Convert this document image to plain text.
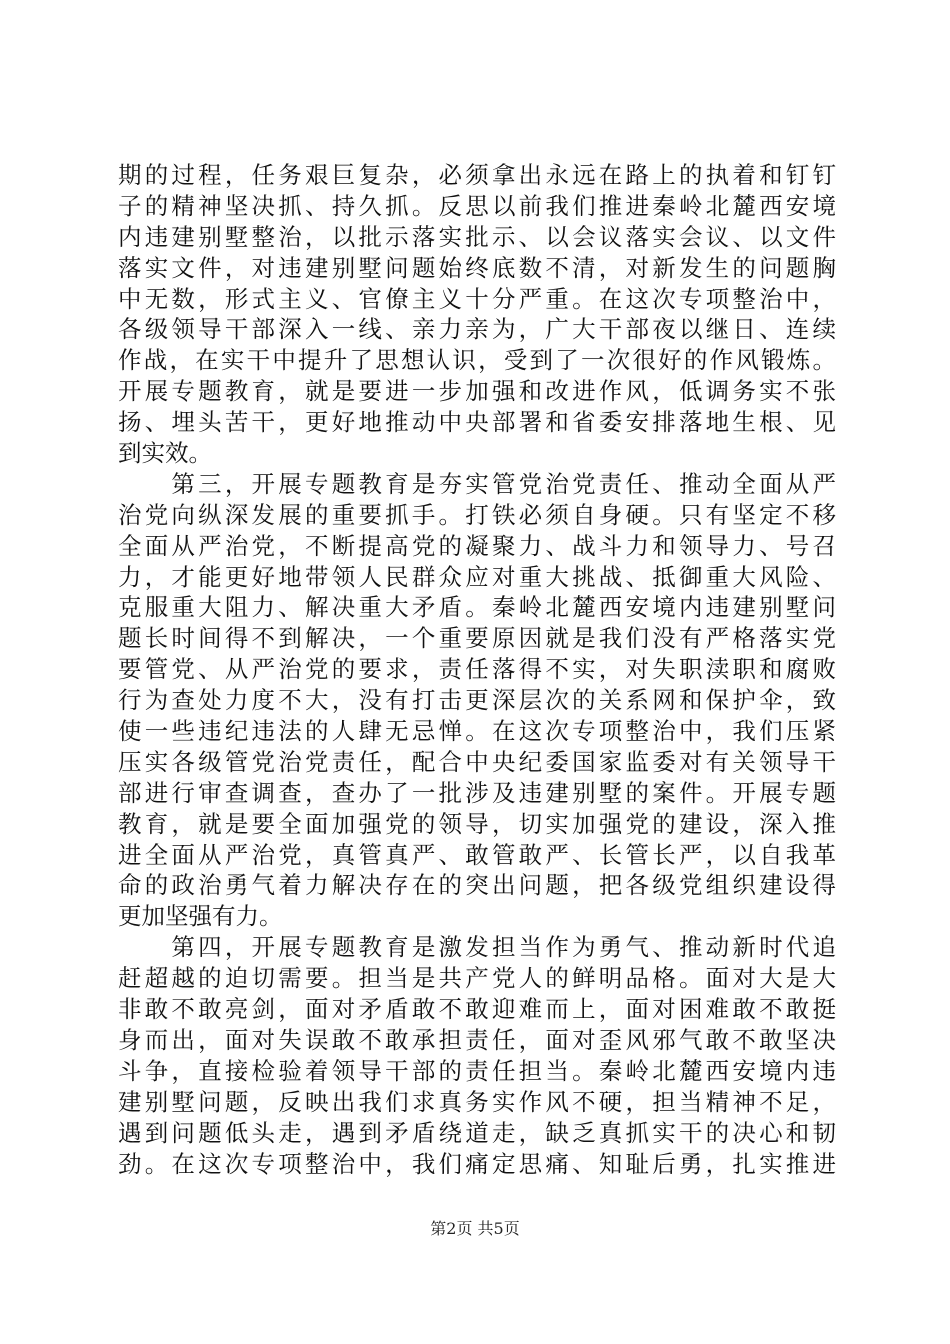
期的过程，任务艰巨复杂，必须拿出永远在路上的执着和钉钉
子的精神坚决抓、持久抓。反思以前我们推进秦岭北麓西安境
内违建别墅整治，以批示落实批示、以会议落实会议、以文件
落实文件，对违建别墅问题始终底数不清，对新发生的问题胸
中无数，形式主义、官僚主义十分严重。在这次专项整治中，
各级领导干部深入一线、亲力亲为，广大干部夜以继日、连续
作战，在实干中提升了思想认识，受到了一次很好的作风锻炼。
开展专题教育，就是要进一步加强和改进作风，低调务实不张
扬、埋头苦干，更好地推动中央部署和省委安排落地生根、见
到实效。
　　第三，开展专题教育是夯实管党治党责任、推动全面从严
治党向纵深发展的重要抓手。打铁必须自身硬。只有坚定不移
全面从严治党，不断提高党的凝聚力、战斗力和领导力、号召
力，才能更好地带领人民群众应对重大挑战、抵御重大风险、
克服重大阻力、解决重大矛盾。秦岭北麓西安境内违建别墅问
题长时间得不到解决，一个重要原因就是我们没有严格落实党
要管党、从严治党的要求，责任落得不实，对失职渎职和腐败
行为查处力度不大，没有打击更深层次的关系网和保护伞，致
使一些违纪违法的人肆无忌惮。在这次专项整治中，我们压紧
压实各级管党治党责任，配合中央纪委国家监委对有关领导干
部进行审查调查，查办了一批涉及违建别墅的案件。开展专题
教育，就是要全面加强党的领导，切实加强党的建设，深入推
进全面从严治党，真管真严、敢管敢严、长管长严，以自我革
命的政治勇气着力解决存在的突出问题，把各级党组织建设得
更加坚强有力。
　　第四，开展专题教育是激发担当作为勇气、推动新时代追
赶超越的迫切需要。担当是共产党人的鲜明品格。面对大是大
非敢不敢亮剑，面对矛盾敢不敢迎难而上，面对困难敢不敢挺
身而出，面对失误敢不敢承担责任，面对歪风邪气敢不敢坚决
斗争，直接检验着领导干部的责任担当。秦岭北麓西安境内违
建别墅问题，反映出我们求真务实作风不硬，担当精神不足，
遇到问题低头走，遇到矛盾绕道走，缺乏真抓实干的决心和韧
劲。在这次专项整治中，我们痛定思痛、知耻后勇，扎实推进
第2页 共5页
